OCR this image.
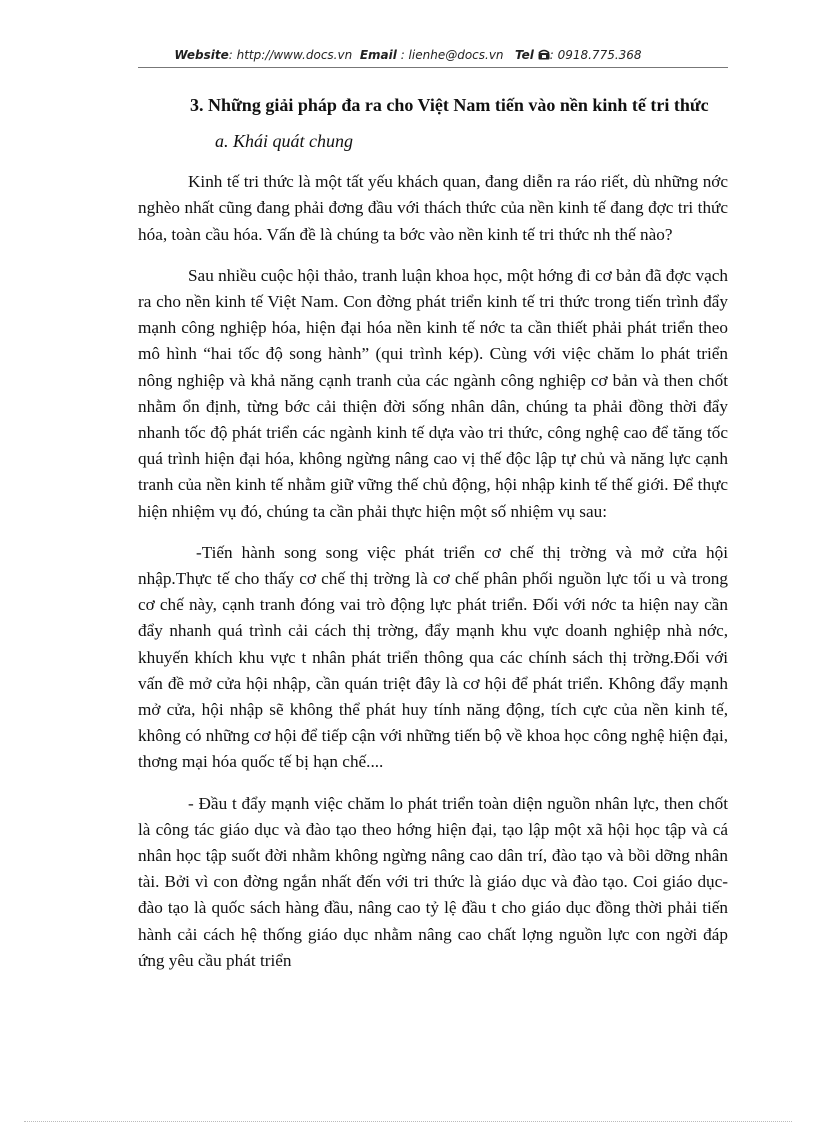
Website: http://www.docs.vn Email : lienhe@docs.vn Tel : 0918.775.368
3. Những giải pháp đa ra cho Việt Nam tiến vào nền kinh tế tri thức
a. Khái quát chung

Kinh tế tri thức là một tất yếu khách quan, đang diễn ra ráo riết, dù những nớc nghèo nhất cũng đang phải đơng đầu với thách thức của nền kinh tế đang đợc tri thức hóa, toàn cầu hóa. Vấn đề là chúng ta bớc vào nền kinh tế tri thức nh thế nào?

Sau nhiều cuộc hội thảo, tranh luận khoa học, một hớng đi cơ bản đã đợc vạch ra cho nền kinh tế Việt Nam. Con đờng phát triển kinh tế tri thức trong tiến trình đẩy mạnh công nghiệp hóa, hiện đại hóa nền kinh tế nớc ta cần thiết phải phát triển theo mô hình “hai tốc độ song hành” (qui trình kép). Cùng với việc chăm lo phát triển nông nghiệp và khả năng cạnh tranh của các ngành công nghiệp cơ bản và then chốt nhằm ổn định, từng bớc cải thiện đời sống nhân dân, chúng ta phải đồng thời đẩy nhanh tốc độ phát triển các ngành kinh tế dựa vào tri thức, công nghệ cao để tăng tốc quá trình hiện đại hóa, không ngừng nâng cao vị thế độc lập tự chủ và năng lực cạnh tranh của nền kinh tế nhằm giữ vững thế chủ động, hội nhập kinh tế thế giới. Để thực hiện nhiệm vụ đó, chúng ta cần phải thực hiện một số nhiệm vụ sau:

-Tiến hành song song việc phát triển cơ chế thị trờng và mở cửa hội nhập.Thực tế cho thấy cơ chế thị trờng là cơ chế phân phối nguồn lực tối u và trong cơ chế này, cạnh tranh đóng vai trò động lực phát triển. Đối với nớc ta hiện nay cần đẩy nhanh quá trình cải cách thị trờng, đẩy mạnh khu vực doanh nghiệp nhà nớc, khuyến khích khu vực t nhân phát triển thông qua các chính sách thị trờng.Đối với vấn đề mở cửa hội nhập, cần quán triệt đây là cơ hội để phát triển. Không đẩy mạnh mở cửa, hội nhập sẽ không thể phát huy tính năng động, tích cực của nền kinh tế, không có những cơ hội để tiếp cận với những tiến bộ về khoa học công nghệ hiện đại, thơng mại hóa quốc tế bị hạn chế....

- Đầu t đẩy mạnh việc chăm lo phát triển toàn diện nguồn nhân lực, then chốt là công tác giáo dục và đào tạo theo hớng hiện đại, tạo lập một xã hội học tập và cá nhân học tập suốt đời nhằm không ngừng nâng cao dân trí, đào tạo và bồi dỡng nhân tài. Bởi vì con đờng ngắn nhất đến với tri thức là giáo dục và đào tạo. Coi giáo dục- đào tạo là quốc sách hàng đầu, nâng cao tỷ lệ đầu t cho giáo dục đồng thời phải tiến hành cải cách hệ thống giáo dục nhằm nâng cao chất lợng nguồn lực con ngời đáp ứng yêu cầu phát triển
